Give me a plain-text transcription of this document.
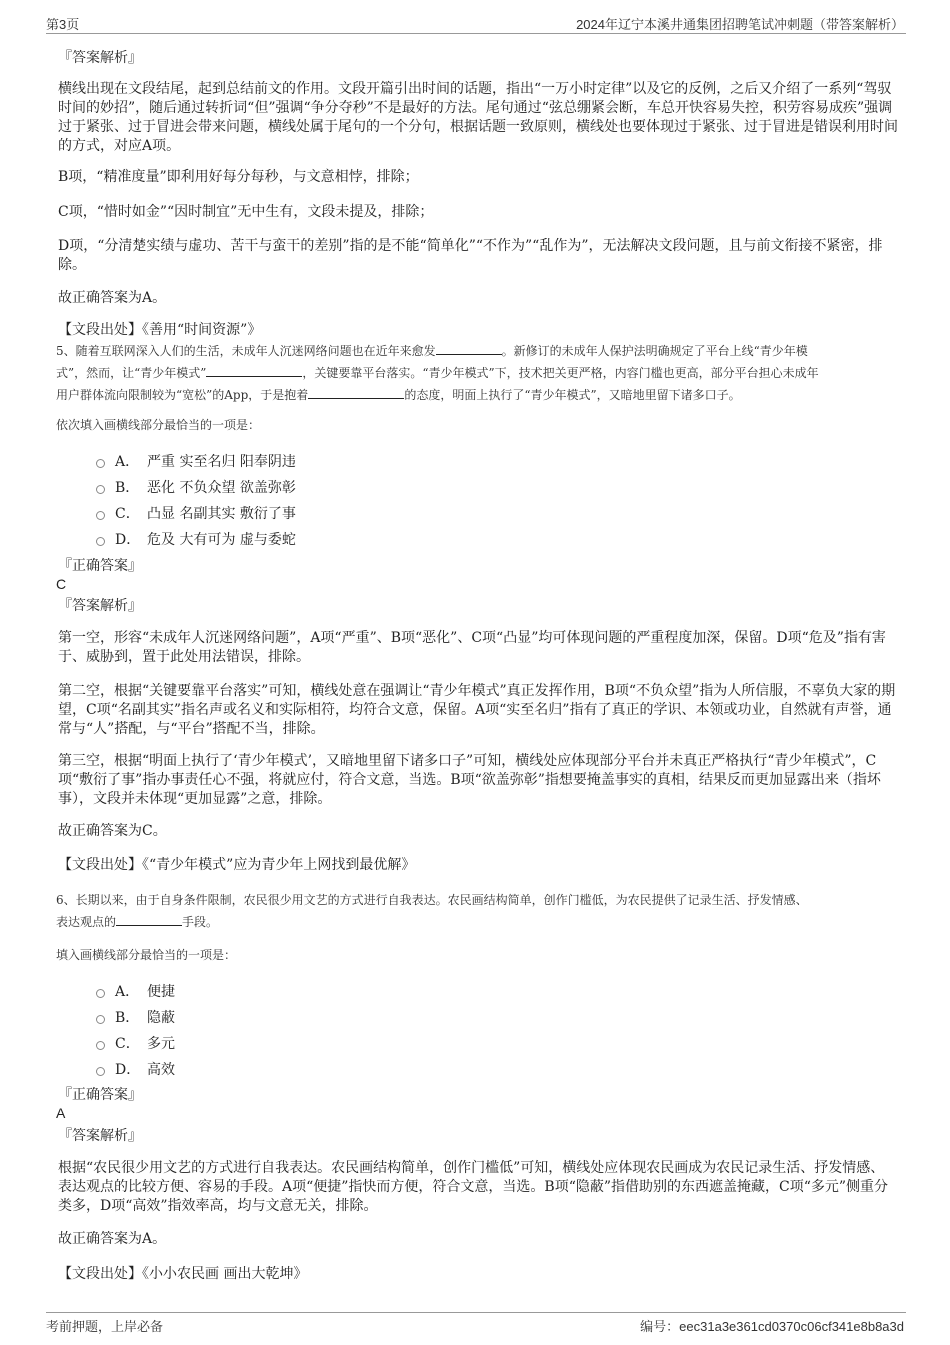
第3页	2024年辽宁本溪井通集团招聘笔试冲刺题（带答案解析）
『答案解析』
横线出现在文段结尾，起到总结前文的作用。文段开篇引出时间的话题，指出“一万小时定律”以及它的反例，之后又介绍了一系列“驾驭时间的妙招”，随后通过转折词“但”强调“争分夺秒”不是最好的方法。尾句通过“弦总绷紧会断，车总开快容易失控，积劳容易成疾”强调过于紧张、过于冒进会带来问题，横线处属于尾句的一个分句，根据话题一致原则，横线处也要体现过于紧张、过于冒进是错误利用时间的方式，对应A项。
B项，“精准度量”即利用好每分每秒，与文意相悖，排除；
C项，“惜时如金”“因时制宜”无中生有，文段未提及，排除；
D项，“分清楚实绩与虚功、苦干与蛮干的差别”指的是不能“简单化”“不作为”“乱作为”，无法解决文段问题，且与前文衔接不紧密，排除。
故正确答案为A。
【文段出处】《善用“时间资源”》
5、随着互联网深入人们的生活，未成年人沉迷网络问题也在近年来愈发	。新修订的未成年人保护法明确规定了平台上线“青少年模
式”，然而，让“青少年模式”	，关键要靠平台落实。“青少年模式”下，技术把关更严格，内容门槛也更高，部分平台担心未成年
用户群体流向限制较为“宽松”的App，于是抱着	的态度，明面上执行了“青少年模式”，又暗地里留下诸多口子。
依次填入画横线部分最恰当的一项是：
A． 严重 实至名归 阳奉阴违
B． 恶化 不负众望 欲盖弥彰
C． 凸显 名副其实 敷衍了事
D． 危及 大有可为 虚与委蛇
『正确答案』
C
『答案解析』
第一空，形容“未成年人沉迷网络问题”，A项“严重”、B项“恶化”、C项“凸显”均可体现问题的严重程度加深，保留。D项“危及”指有害于、威胁到，置于此处用法错误，排除。
第二空，根据“关键要靠平台落实”可知，横线处意在强调让“青少年模式”真正发挥作用，B项“不负众望”指为人所信服，不辜负大家的期望，C项“名副其实”指名声或名义和实际相符，均符合文意，保留。A项“实至名归”指有了真正的学识、本领或功业，自然就有声誉，通常与“人”搭配，与“平台”搭配不当，排除。
第三空，根据“明面上执行了‘青少年模式’，又暗地里留下诸多口子”可知，横线处应体现部分平台并未真正严格执行“青少年模式”，C项“敷衍了事”指办事责任心不强，将就应付，符合文意，当选。B项“欲盖弥彰”指想要掩盖事实的真相，结果反而更加显露出来（指坏事），文段并未体现“更加显露”之意，排除。
故正确答案为C。
【文段出处】《“青少年模式”应为青少年上网找到最优解》
6、长期以来，由于自身条件限制，农民很少用文艺的方式进行自我表达。农民画结构简单，创作门槛低，为农民提供了记录生活、抒发情感、
表达观点的	手段。
填入画横线部分最恰当的一项是：
A． 便捷
B． 隐蔽
C． 多元
D． 高效
『正确答案』
A
『答案解析』
根据“农民很少用文艺的方式进行自我表达。农民画结构简单，创作门槛低”可知，横线处应体现农民画成为农民记录生活、抒发情感、表达观点的比较方便、容易的手段。A项“便捷”指快而方便，符合文意，当选。B项“隐蔽”指借助别的东西遮盖掩藏，C项“多元”侧重分类多，D项“高效”指效率高，均与文意无关，排除。
故正确答案为A。
【文段出处】《小小农民画 画出大乾坤》
考前押题，上岸必备	编号：eec31a3e361cd0370c06cf341e8b8a3d
